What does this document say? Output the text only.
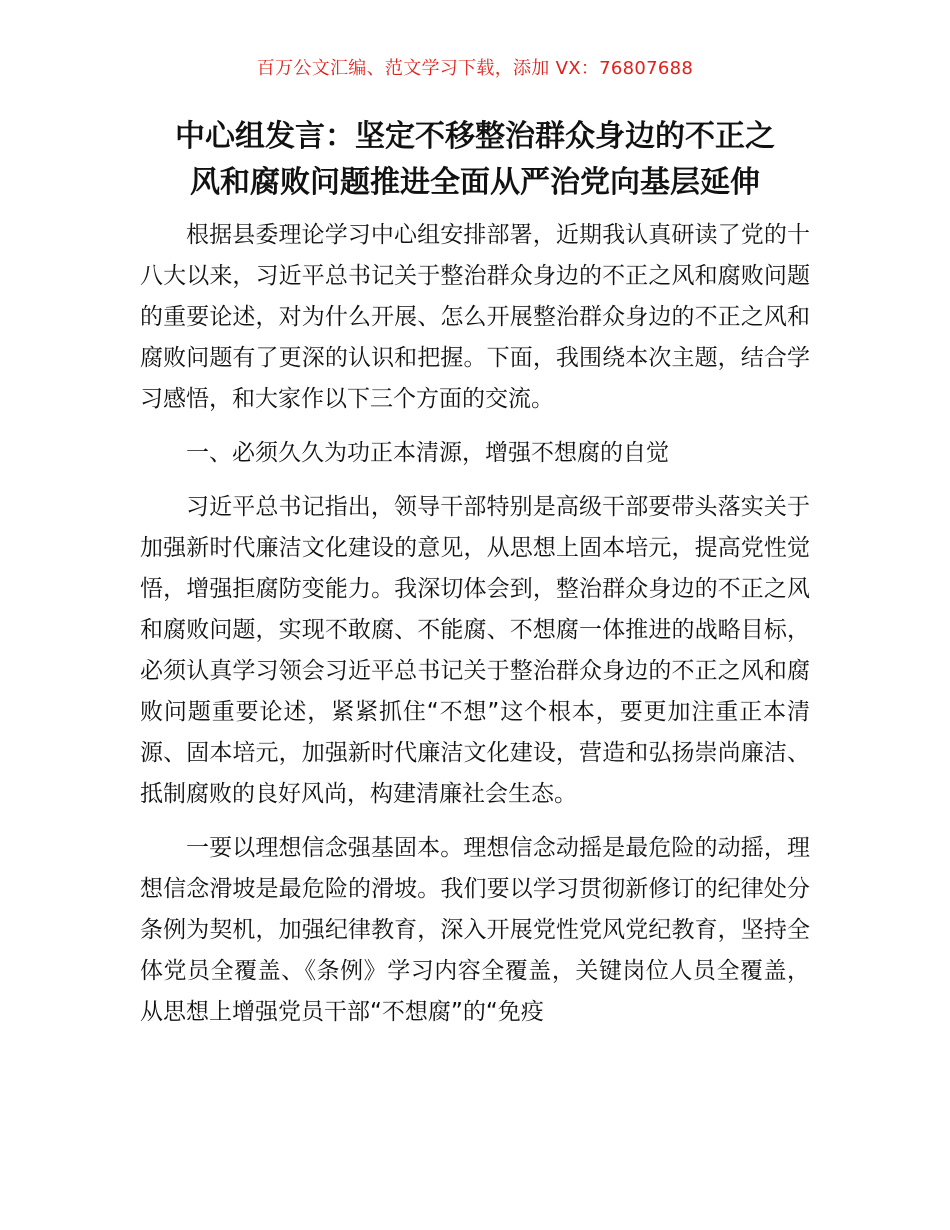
百万公文汇编、范文学习下载，添加 VX：76807688
中心组发言：坚定不移整治群众身边的不正之
风和腐败问题推进全面从严治党向基层延伸

根据县委理论学习中心组安排部署，近期我认真研读了党的十八大以来，习近平总书记关于整治群众身边的不正之风和腐败问题的重要论述，对为什么开展、怎么开展整治群众身边的不正之风和腐败问题有了更深的认识和把握。下面，我围绕本次主题，结合学习感悟，和大家作以下三个方面的交流。

一、必须久久为功正本清源，增强不想腐的自觉

习近平总书记指出，领导干部特别是高级干部要带头落实关于加强新时代廉洁文化建设的意见，从思想上固本培元，提高党性觉悟，增强拒腐防变能力。我深切体会到，整治群众身边的不正之风和腐败问题，实现不敢腐、不能腐、不想腐一体推进的战略目标，必须认真学习领会习近平总书记关于整治群众身边的不正之风和腐败问题重要论述，紧紧抓住“不想”这个根本，要更加注重正本清源、固本培元，加强新时代廉洁文化建设，营造和弘扬崇尚廉洁、抵制腐败的良好风尚，构建清廉社会生态。

一要以理想信念强基固本。理想信念动摇是最危险的动摇，理想信念滑坡是最危险的滑坡。我们要以学习贯彻新修订的纪律处分条例为契机，加强纪律教育，深入开展党性党风党纪教育，坚持全体党员全覆盖、《条例》学习内容全覆盖，关键岗位人员全覆盖，从思想上增强党员干部“不想腐”的“免疫
